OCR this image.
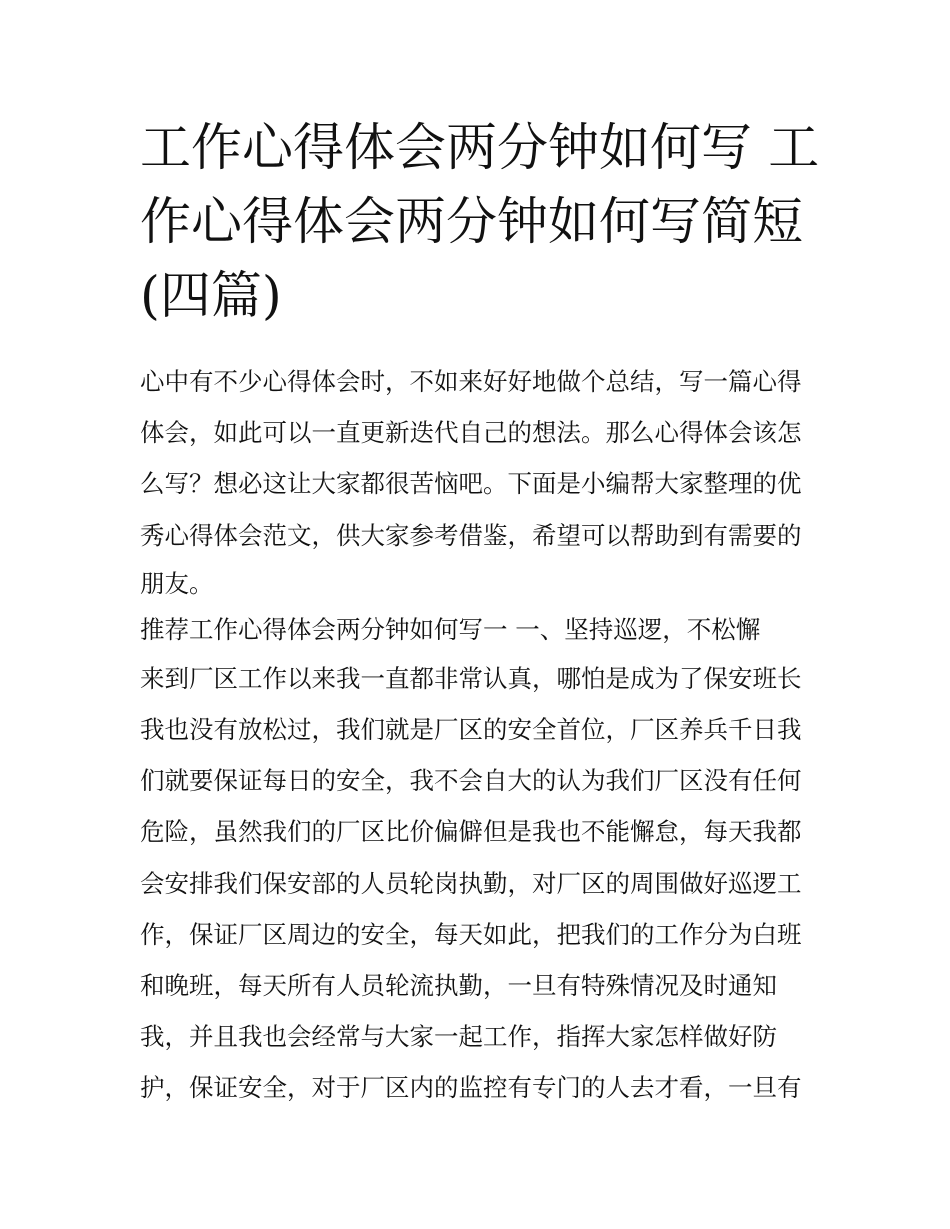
工作心得体会两分钟如何写 工
作心得体会两分钟如何写简短
(四篇)
心中有不少心得体会时，不如来好好地做个总结，写一篇心得
体会，如此可以一直更新迭代自己的想法。那么心得体会该怎
么写？想必这让大家都很苦恼吧。下面是小编帮大家整理的优
秀心得体会范文，供大家参考借鉴，希望可以帮助到有需要的
朋友。
推荐工作心得体会两分钟如何写一 一、坚持巡逻，不松懈
来到厂区工作以来我一直都非常认真，哪怕是成为了保安班长
我也没有放松过，我们就是厂区的安全首位，厂区养兵千日我
们就要保证每日的安全，我不会自大的认为我们厂区没有任何
危险，虽然我们的厂区比价偏僻但是我也不能懈怠，每天我都
会安排我们保安部的人员轮岗执勤，对厂区的周围做好巡逻工
作，保证厂区周边的安全，每天如此，把我们的工作分为白班
和晚班，每天所有人员轮流执勤，一旦有特殊情况及时通知
我，并且我也会经常与大家一起工作，指挥大家怎样做好防
护，保证安全，对于厂区内的监控有专门的人去才看，一旦有
